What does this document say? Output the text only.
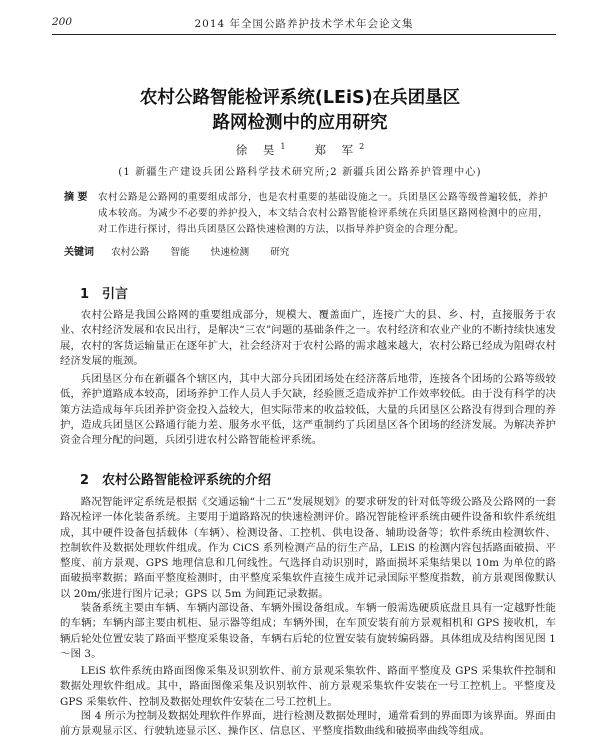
200	2014 年全国公路养护技术学术年会论文集
农村公路智能检评系统(LEiS)在兵团垦区
路网检测中的应用研究
徐 昊$^1$	郑 军$^2$
(1 新疆生产建设兵团公路科学技术研究所;2 新疆兵团公路养护管理中心)
摘 要 农村公路是公路网的重要组成部分，也是农村重要的基础设施之一。兵团垦区公路等级普遍较低，养护成本较高。为减少不必要的养护投入，本文结合农村公路智能检评系统在兵团垦区路网检测中的应用，对工作进行探讨，得出兵团垦区公路快速检测的方法，以指导养护资金的合理分配。
关键词 农村公路 智能 快速检测 研究
1 引言
农村公路是我国公路网的重要组成部分，规模大、覆盖面广，连接广大的县、乡、村，直接服务于农业、农村经济发展和农民出行，是解决“三农”问题的基础条件之一。农村经济和农业产业的不断持续快速发展，农村的客货运输量正在逐年扩大，社会经济对于农村公路的需求越来越大，农村公路已经成为阻碍农村经济发展的瓶颈。
兵团垦区分布在新疆各个辖区内，其中大部分兵团团场处在经济落后地带，连接各个团场的公路等级较低，养护道路成本较高，团场养护工作人员人手欠缺，经验匮乏造成养护工作效率较低。由于没有科学的决策方法造成每年兵团养护资金投入益较大，但实际带来的收益较低，大量的兵团垦区公路没有得到合理的养护，造成兵团垦区公路通行能力差、服务水平低，这严重制约了兵团垦区各个团场的经济发展。为解决养护资金合理分配的问题，兵团引进农村公路智能检评系统。
2 农村公路智能检评系统的介绍
路况智能评定系统是根据《交通运输“十二五”发展规划》的要求研发的针对低等级公路及公路网的一套路况检评一体化装备系统。主要用于道路路况的快速检测评价。路况智能检评系统由硬件设备和软件系统组成，其中硬件设备包括载体（车辆）、检测设备、工控机、供电设备、辅助设备等；软件系统由检测软件、控制软件及数据处理软件组成。作为 CiCS 系列检测产品的衍生产品，LEiS 的检测内容包括路面破损、平整度、前方景观、GPS 地理信息和几何线性。气选择自动识别时，路面损坏采集结果以 10m 为单位的路面破损率数据；路面平整度检测时，由平整度采集软件直接生成并记录国际平整度指数，前方景观图像默认以 20m/张进行图片记录；GPS 以 5m 为间距记录数据。
装备系统主要由车辆、车辆内部设备、车辆外围设备组成。车辆一般需选硬质底盘且具有一定越野性能的车辆；车辆内部主要由机柜、显示器等组成；车辆外围，在车顶安装有前方景观相机和 GPS 接收机，车辆后轮处位置安装了路面平整度采集设备，车辆右后轮的位置安装有旋转编码器。具体组成及结构图见图 1～图 3。
LEiS 软件系统由路面图像采集及识别软件、前方景观采集软件、路面平整度及 GPS 采集软件控制和数据处理软件组成。其中，路面图像采集及识别软件、前方景观采集软件安装在一号工控机上。平整度及 GPS 采集软件、控制及数据处理软件安装在二号工控机上。
图 4 所示为控制及数据处理软件作界面，进行检测及数据处理时，通常看到的界面即为该界面。界面由前方景观显示区、行驶轨迹显示区、操作区、信息区、平整度指数曲线和破损率曲线等组成。
